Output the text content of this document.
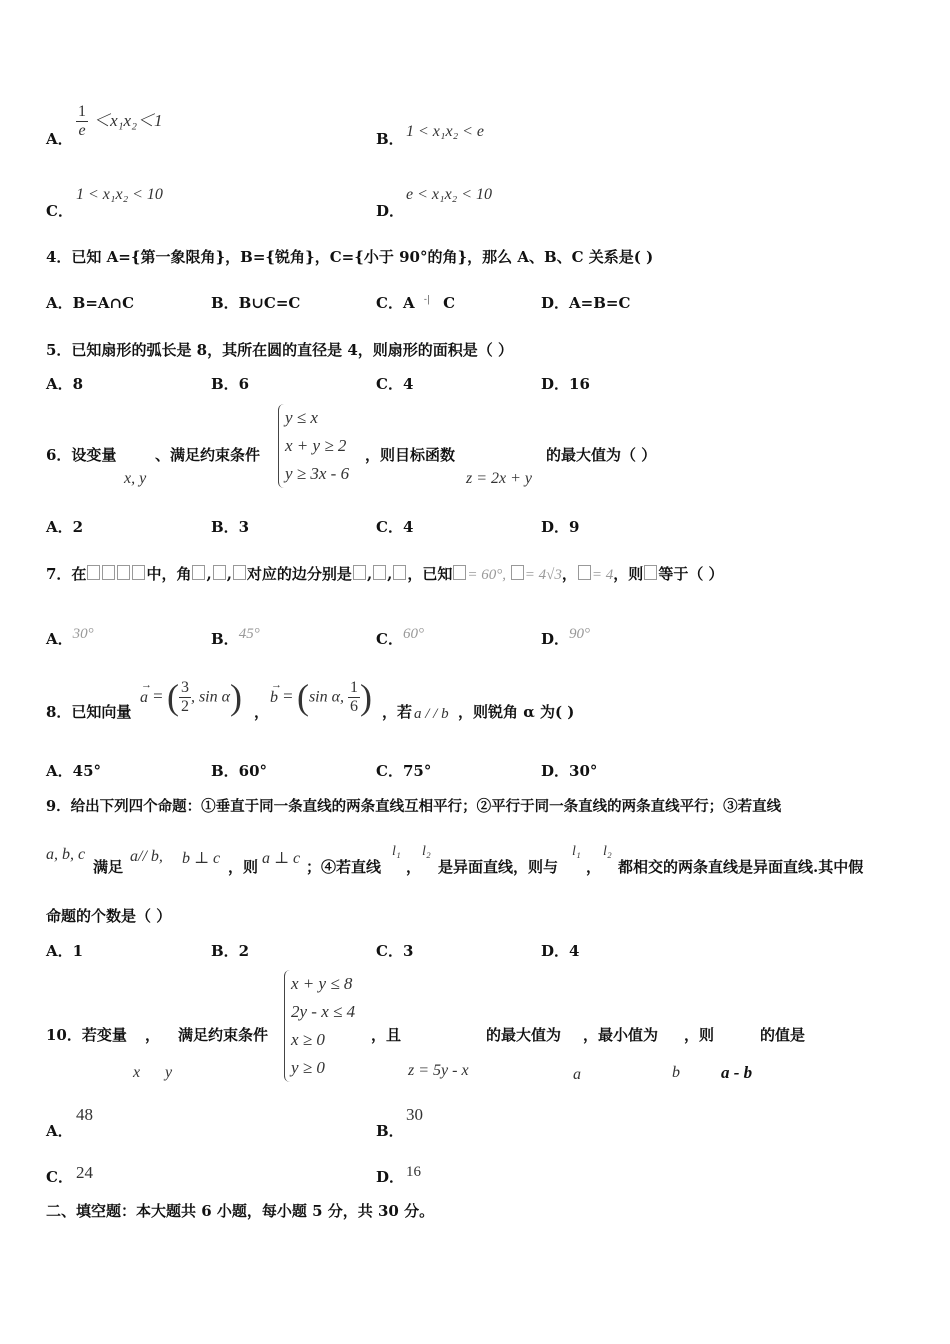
A． $\frac{1}{e} <x_1x_2<1$
B． 1 < x₁x₂ < e
C．
1 < x₁x₂ < 10
D．
e < x₁x₂ < 10
4．已知 A={第一象限角}，B={锐角}，C={小于 90°的角}，那么 A、B、C 关系是( )
A．B=A∩C	B．B∪C=C	C．A -| C	D．A=B=C
5．已知扇形的弧长是 8，其所在圆的直径是 4，则扇形的面积是（ ）
A．8	B．6	C．4	D．16
6．设变量	、满足约束条件
x, y
y ≤ x
x + y ≥ 2
y ≥ 3x - 6
，则目标函数
z = 2x + y
的最大值为（ ）
A．2	B．3	C．4	D．9
7．在	中，角 , , 对应的边分别是 , , ，已知 = 60°, = 4√3， = 4，则 等于（ ）
A．30°	B．45°	C．60°	D．90°
8．已知向量
a
→
= ( $\frac{3}{2}$ , sin α) ，
b
→
= (sin α, $\frac{1}{6}$ ) ，若 a / / b ，则锐角 α 为( )
A．45°	B．60°	C．75°	D．30°
9．给出下列四个命题：①垂直于同一条直线的两条直线互相平行；②平行于同一条直线的两条直线平行；③若直线
a, b, c
满足
a// b, b ⊥ c ，则 a ⊥ c ；④若直线
l₁
，
l₂
是异面直线，则与
l₁
，
l₂
都相交的两条直线是异面直线.其中假
命题的个数是（ ）
A．1	B．2	C．3	D．4
10．若变量 ， 满足约束条件
x y
x + y ≤ 8
2y - x ≤ 4
x ≥ 0
y ≥ 0
，且
z = 5y - x
的最大值为
a
，最小值为
b
，则
a - b
的值是
A．
48
B．
30
C． 24	D． 16
二、填空题：本大题共 6 小题，每小题 5 分，共 30 分。
